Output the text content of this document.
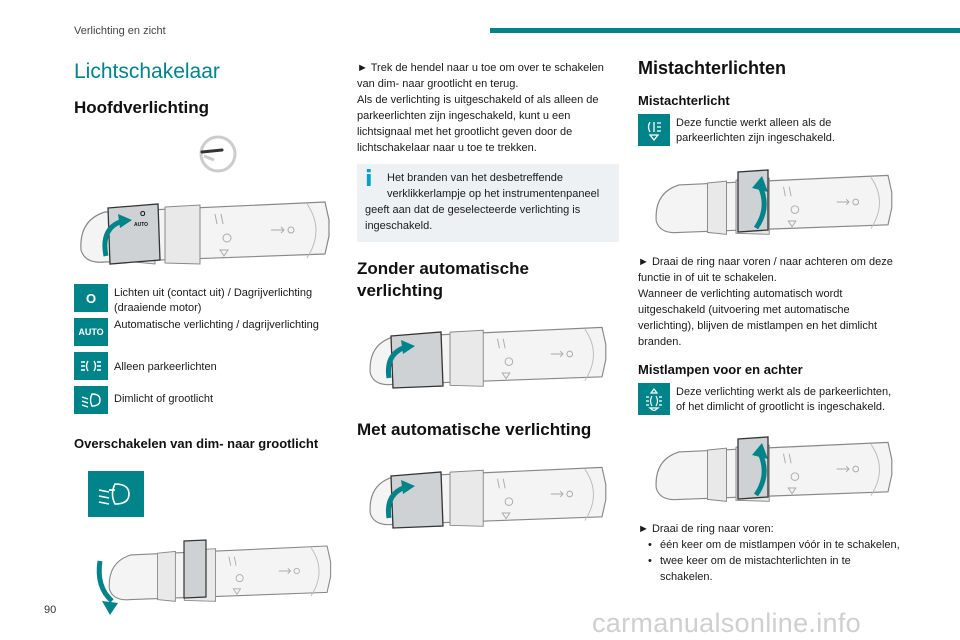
Verlichting en zicht
Lichtschakelaar
Hoofdverlichting
O
AUTO
O	Lichten uit (contact uit) / Dagrijverlichting (draaiende motor)
AUTO
Automatische verlichting / dagrijverlichting
Alleen parkeerlichten
Dimlicht of grootlicht
Overschakelen van dim- naar grootlicht

► Trek de hendel naar u toe om over te schakelen van dim- naar grootlicht en terug.

Als de verlichting is uitgeschakeld of als alleen de parkeerlichten zijn ingeschakeld, kunt u een lichtsignaal met het grootlicht geven door de lichtschakelaar naar u toe te trekken.

i	Het branden van het desbetreffende verklikkerlampje op het instrumentenpaneel geeft aan dat de geselecteerde verlichting is ingeschakeld.
Zonder automatische verlichting
Met automatische verlichting
Mistachterlichten
Mistachterlicht
Deze functie werkt alleen als de parkeerlichten zijn ingeschakeld.

► Draai de ring naar voren / naar achteren om deze functie in of uit te schakelen.

Wanneer de verlichting automatisch wordt uitgeschakeld (uitvoering met automatische verlichting), blijven de mistlampen en het dimlicht branden.

Mistlampen voor en achter
Deze verlichting werkt als de parkeerlichten, of het dimlicht of grootlicht is ingeschakeld.

► Draai de ring naar voren:

• één keer om de mistlampen vóór in te schakelen,
• twee keer om de mistachterlichten in te schakelen.
90	carmanualsonline.info
